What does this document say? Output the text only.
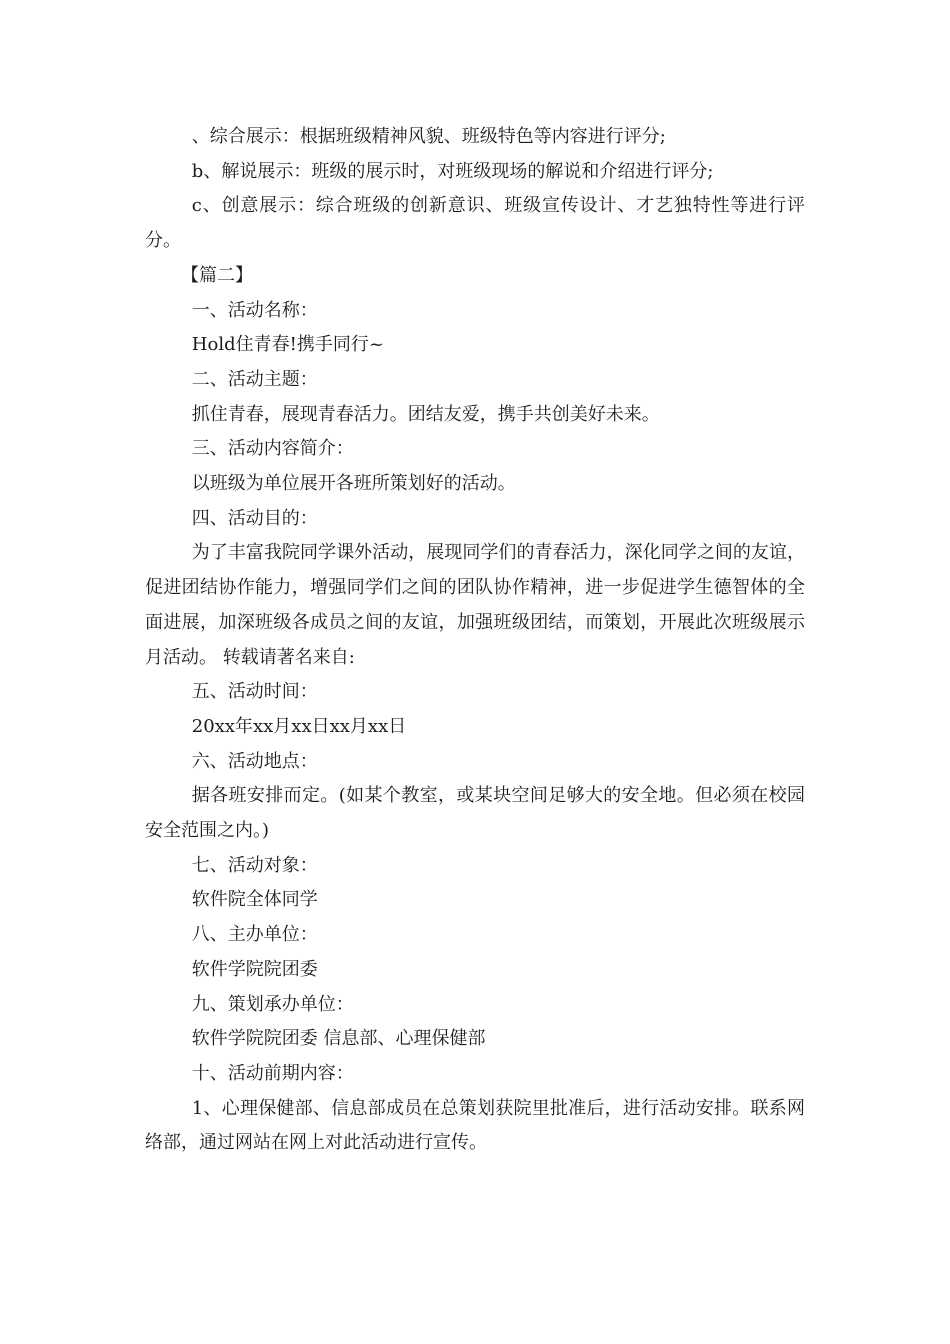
、综合展示：根据班级精神风貌、班级特色等内容进行评分;

b、解说展示：班级的展示时，对班级现场的解说和介绍进行评分;

c、创意展示：综合班级的创新意识、班级宣传设计、才艺独特性等进行评分。

【篇二】

一、活动名称：

Hold住青春!携手同行~

二、活动主题：

抓住青春，展现青春活力。团结友爱，携手共创美好未来。

三、活动内容简介：

以班级为单位展开各班所策划好的活动。

四、活动目的：

为了丰富我院同学课外活动，展现同学们的青春活力，深化同学之间的友谊，促进团结协作能力，增强同学们之间的团队协作精神，进一步促进学生德智体的全面进展，加深班级各成员之间的友谊，加强班级团结，而策划，开展此次班级展示月活动。 转载请著名来自:

五、活动时间：

20xx年xx月xx日xx月xx日

六、活动地点：

据各班安排而定。(如某个教室，或某块空间足够大的安全地。但必须在校园安全范围之内。)

七、活动对象：

软件院全体同学

八、主办单位：

软件学院院团委

九、策划承办单位：

软件学院院团委 信息部、心理保健部

十、活动前期内容：

1、心理保健部、信息部成员在总策划获院里批准后，进行活动安排。联系网络部，通过网站在网上对此活动进行宣传。
